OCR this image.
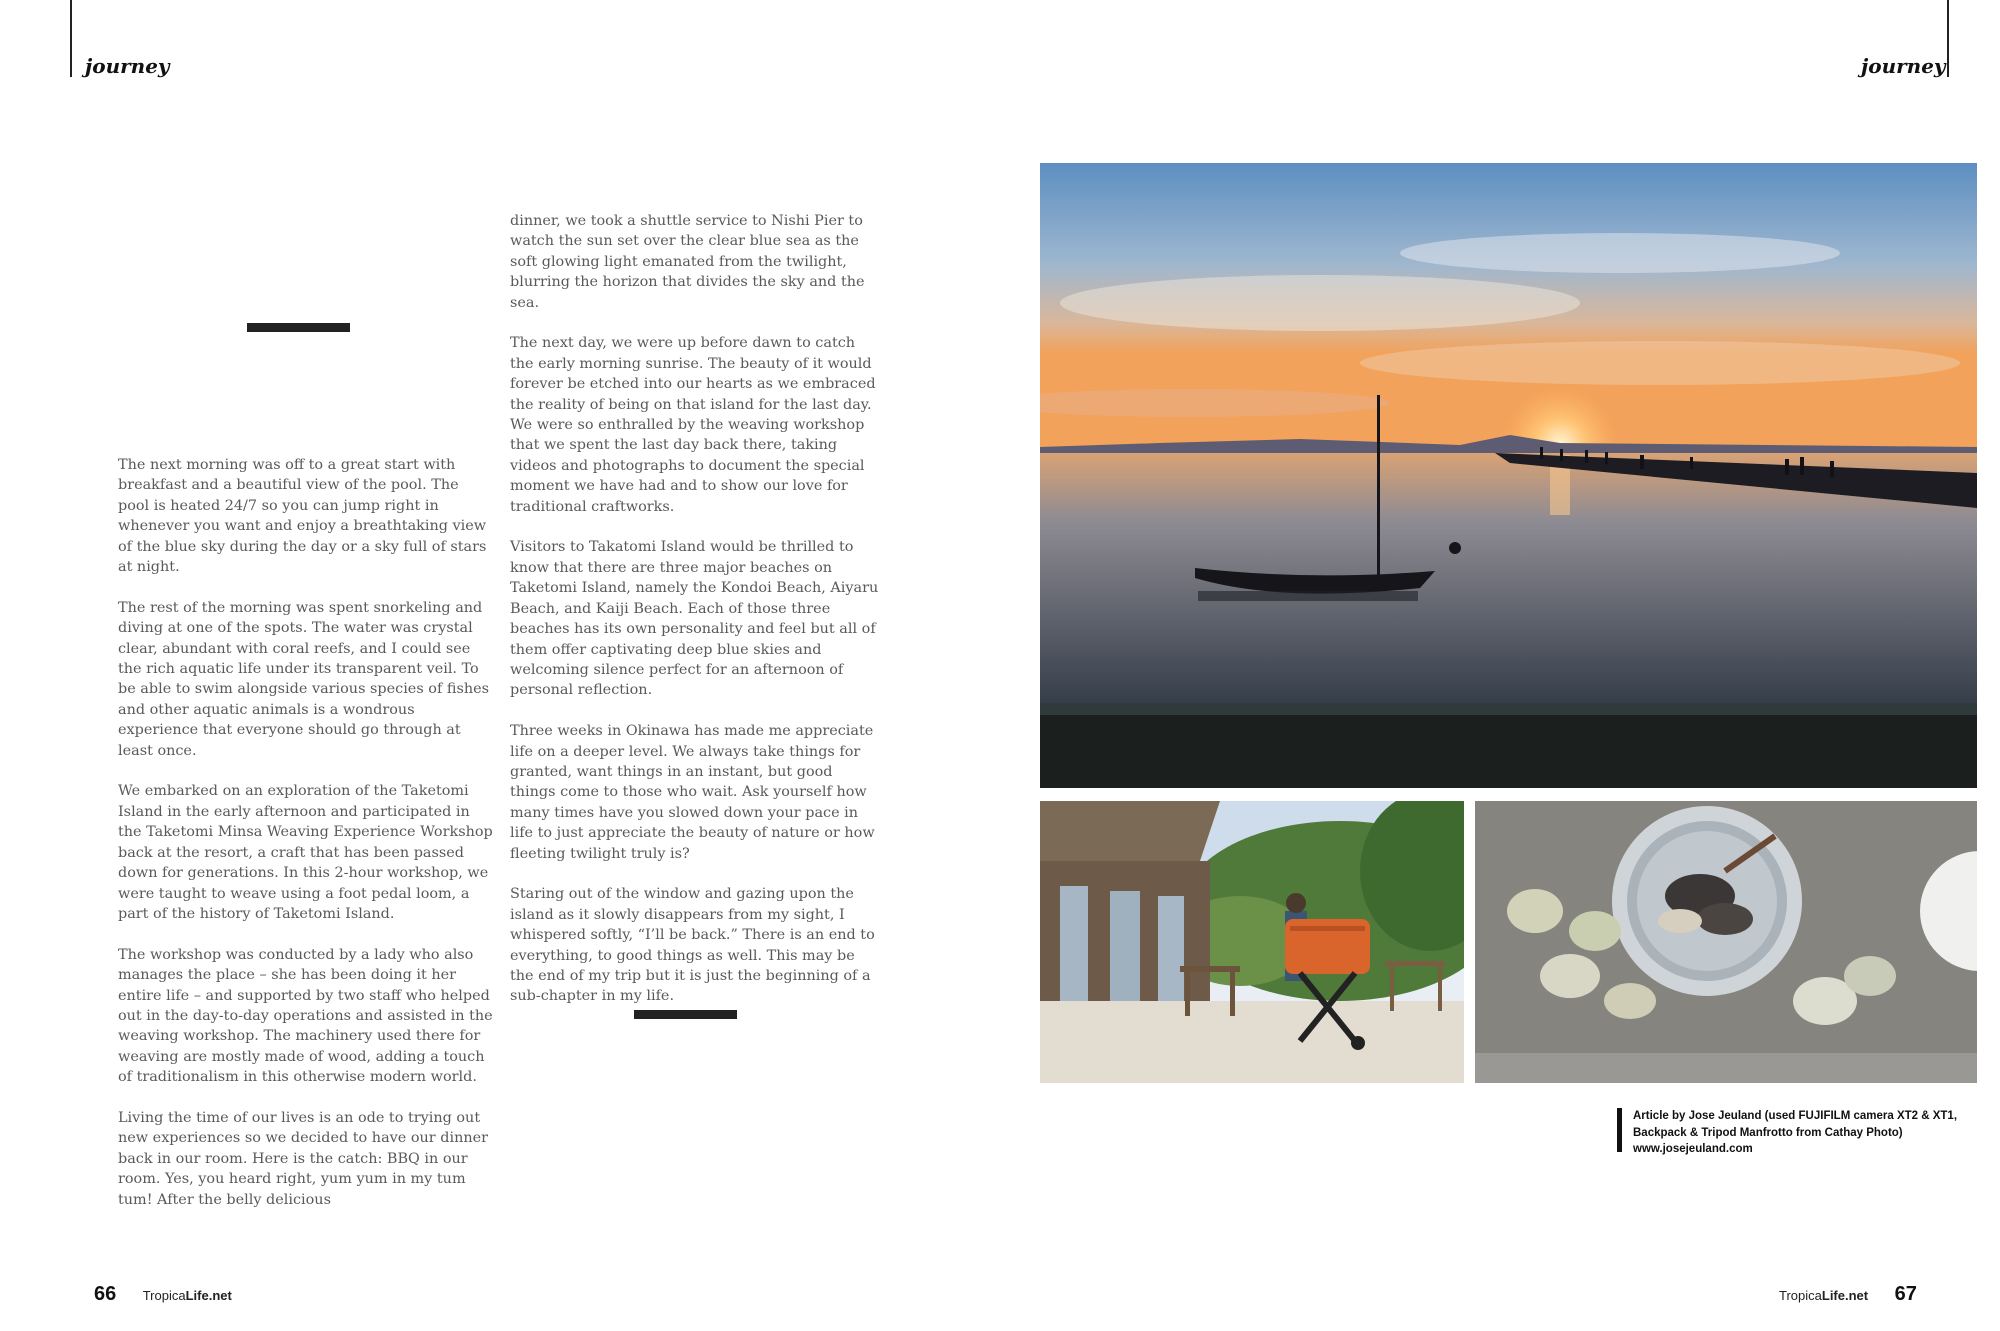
journey	journey

The next morning was off to a great start with breakfast and a beautiful view of the pool. The pool is heated 24/7 so you can jump right in whenever you want and enjoy a breathtaking view of the blue sky during the day or a sky full of stars at night.

The rest of the morning was spent snorkeling and diving at one of the spots. The water was crystal clear, abundant with coral reefs, and I could see the rich aquatic life under its transparent veil. To be able to swim alongside various species of fishes and other aquatic animals is a wondrous experience that everyone should go through at least once.

We embarked on an exploration of the Taketomi Island in the early afternoon and participated in the Taketomi Minsa Weaving Experience Workshop back at the resort, a craft that has been passed down for generations. In this 2-hour workshop, we were taught to weave using a foot pedal loom, a part of the history of Taketomi Island.

The workshop was conducted by a lady who also manages the place – she has been doing it her entire life – and supported by two staff who helped out in the day-to-day operations and assisted in the weaving workshop. The machinery used there for weaving are mostly made of wood, adding a touch of traditionalism in this otherwise modern world.

Living the time of our lives is an ode to trying out new experiences so we decided to have our dinner back in our room. Here is the catch: BBQ in our room. Yes, you heard right, yum yum in my tum tum! After the belly delicious

dinner, we took a shuttle service to Nishi Pier to watch the sun set over the clear blue sea as the soft glowing light emanated from the twilight, blurring the horizon that divides the sky and the sea.

The next day, we were up before dawn to catch the early morning sunrise. The beauty of it would forever be etched into our hearts as we embraced the reality of being on that island for the last day. We were so enthralled by the weaving workshop that we spent the last day back there, taking videos and photographs to document the special moment we have had and to show our love for traditional craftworks.

Visitors to Takatomi Island would be thrilled to know that there are three major beaches on Taketomi Island, namely the Kondoi Beach, Aiyaru Beach, and Kaiji Beach. Each of those three beaches has its own personality and feel but all of them offer captivating deep blue skies and welcoming silence perfect for an afternoon of personal reflection.

Three weeks in Okinawa has made me appreciate life on a deeper level. We always take things for granted, want things in an instant, but good things come to those who wait. Ask yourself how many times have you slowed down your pace in life to just appreciate the beauty of nature or how fleeting twilight truly is?

Staring out of the window and gazing upon the island as it slowly disappears from my sight, I whispered softly, “I’ll be back.” There is an end to everything, to good things as well. This may be the end of my trip but it is just the beginning of a sub-chapter in my life.

Article by Jose Jeuland (used FUJIFILM camera XT2 & XT1,
Backpack & Tripod Manfrotto from Cathay Photo)
www.josejeuland.com
66 TropicaLife.net	TropicaLife.net 67
